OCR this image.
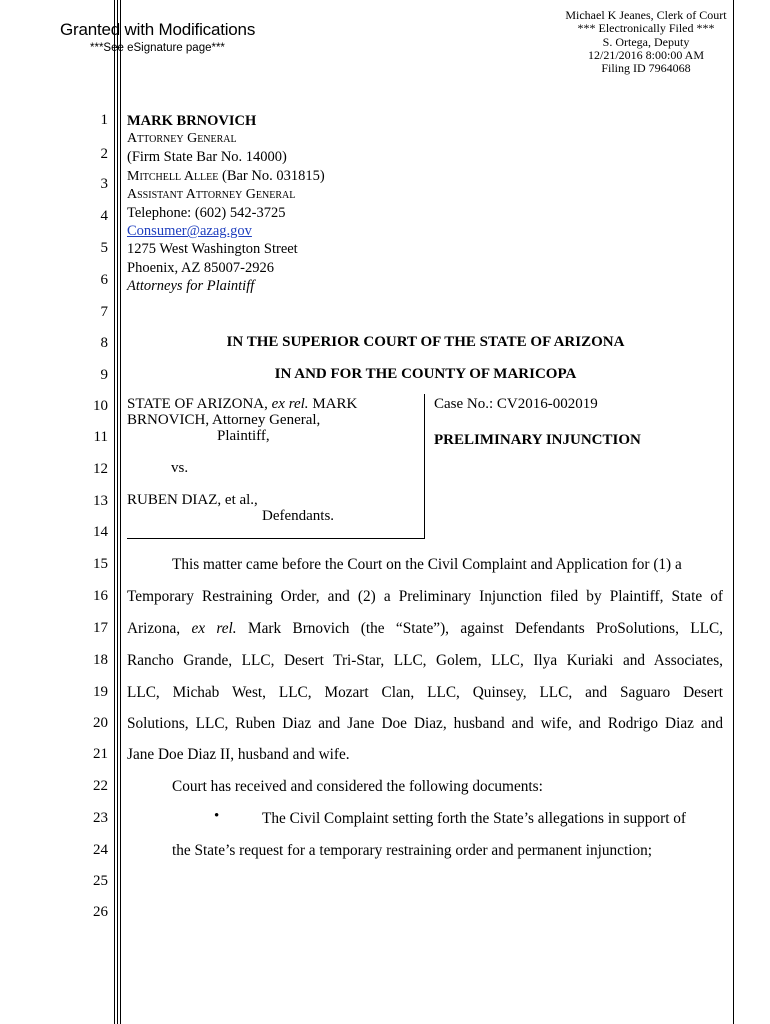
Granted with Modifications
***See eSignature page***
Michael K Jeanes, Clerk of Court
*** Electronically Filed ***
S. Ortega, Deputy
12/21/2016 8:00:00 AM
Filing ID 7964068
1
2
3
4
5
6
7
8
9
10
11
12
13
14
15
16
17
18
19
20
21
22
23
24
25
26
MARK BRNOVICH
Attorney General
(Firm State Bar No. 14000)
Mitchell Allee (Bar No. 031815)
Assistant Attorney General
Telephone: (602) 542-3725
Consumer@azag.gov
1275 West Washington Street
Phoenix, AZ 85007-2926
Attorneys for Plaintiff
IN THE SUPERIOR COURT OF THE STATE OF ARIZONA
IN AND FOR THE COUNTY OF MARICOPA
STATE OF ARIZONA, ex rel. MARK
BRNOVICH, Attorney General,
Plaintiff,
vs.
RUBEN DIAZ, et al.,
Defendants.
Case No.: CV2016-002019
PRELIMINARY INJUNCTION
This matter came before the Court on the Civil Complaint and Application for (1) a
Temporary Restraining Order, and (2) a Preliminary Injunction filed by Plaintiff, State of
Arizona, ex rel. Mark Brnovich (the “State”), against Defendants ProSolutions, LLC,
Rancho Grande, LLC, Desert Tri-Star, LLC, Golem, LLC, Ilya Kuriaki and Associates,
LLC, Michab West, LLC, Mozart Clan, LLC, Quinsey, LLC, and Saguaro Desert
Solutions, LLC, Ruben Diaz and Jane Doe Diaz, husband and wife, and Rodrigo Diaz and
Jane Doe Diaz II, husband and wife.
Court has received and considered the following documents:
•	The Civil Complaint setting forth the State’s allegations in support of
the State’s request for a temporary restraining order and permanent injunction;
